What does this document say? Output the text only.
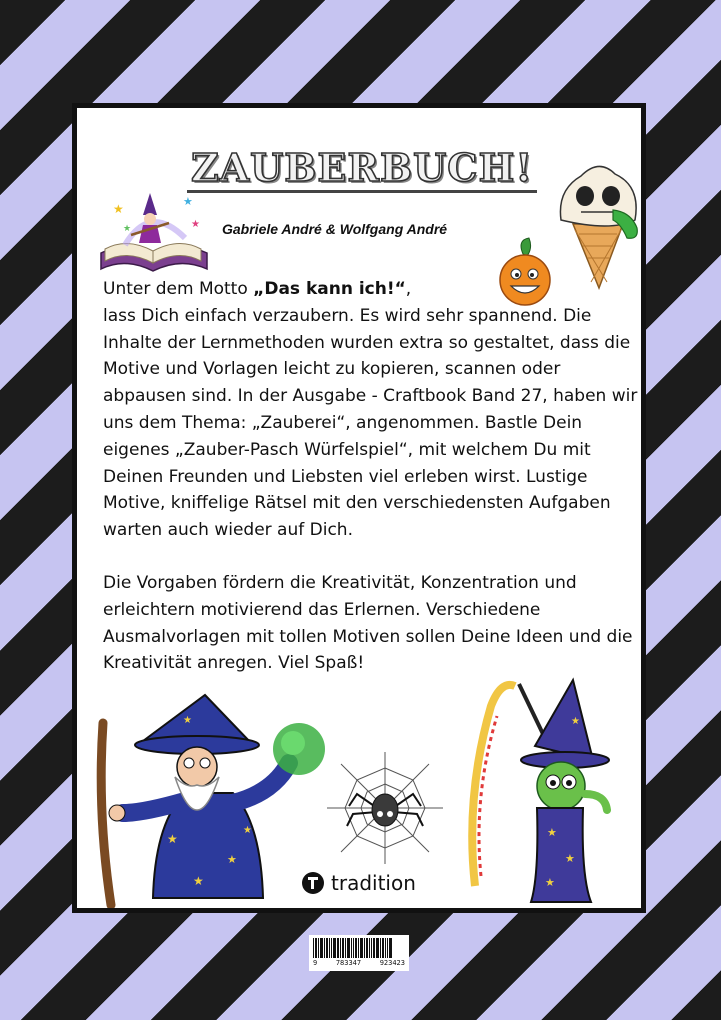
ZAUBERBUCH!
★
★
★
★	Gabriele André & Wolfgang André

Unter dem Motto „Das kann ich!“,
lass Dich einfach verzaubern. Es wird sehr spannend. Die Inhalte der Lernmethoden wurden extra so gestaltet, dass die Motive und Vorlagen leicht zu kopieren, scannen oder abpausen sind. In der Ausgabe - Craftbook Band 27, haben wir uns dem Thema: „Zauberei“, angenommen. Bastle Dein eigenes „Zauber-Pasch Würfelspiel“, mit welchem Du mit Deinen Freunden und Liebsten viel erleben wirst. Lustige Motive, kniffelige Rätsel mit den verschiedensten Aufgaben warten auch wieder auf Dich.

Die Vorgaben fördern die Kreativität, Konzentration und erleichtern motivierend das Erlernen. Verschiedene Ausmalvorlagen mit tollen Motiven sollen Deine Ideen und die Kreativität anregen. Viel Spaß!

★
★
★
★
★	★
★
★
★
tradition
9	783347	923423
